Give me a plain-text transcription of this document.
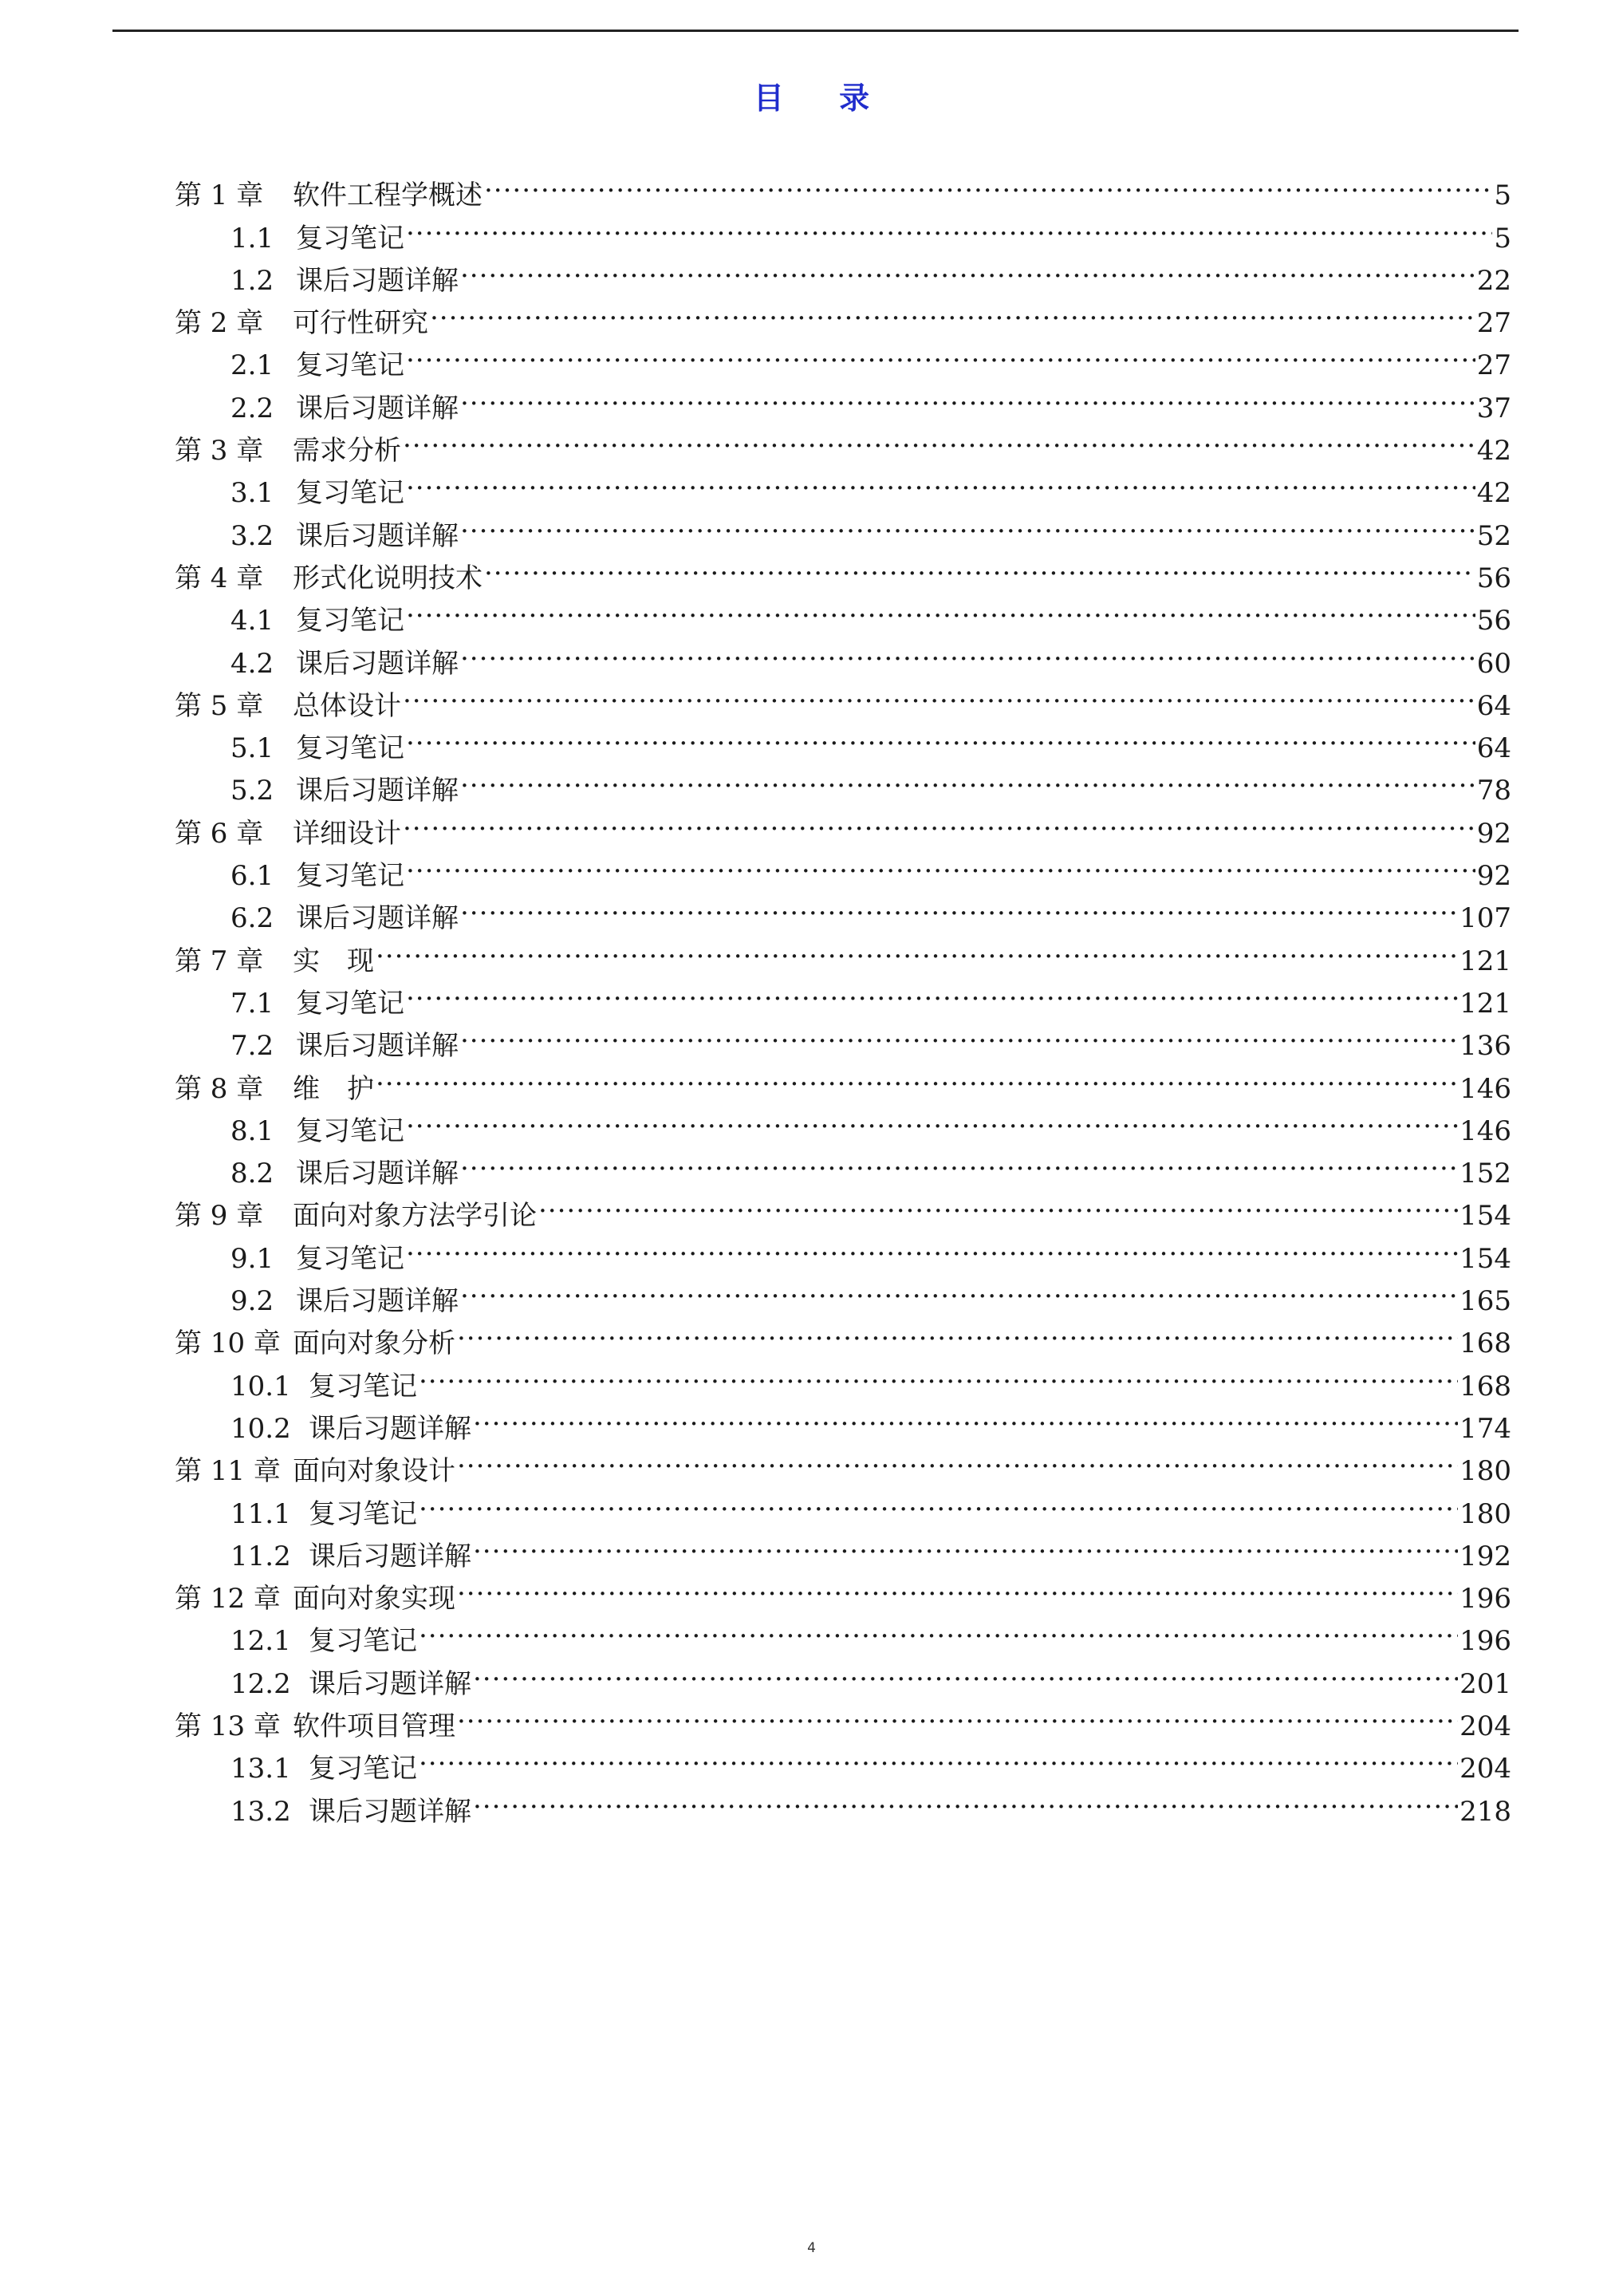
目 录
第 1 章	软件工程学概述 .....	5
1.1 复习笔记 .....	5
1.2 课后习题详解 .....	22
第 2 章	可行性研究 .....	27
2.1 复习笔记 .....	27
2.2 课后习题详解 .....	37
第 3 章	需求分析 .....	42
3.1 复习笔记 .....	42
3.2 课后习题详解 .....	52
第 4 章	形式化说明技术 .....	56
4.1 复习笔记 .....	56
4.2 课后习题详解 .....	60
第 5 章	总体设计 .....	64
5.1 复习笔记 .....	64
5.2 课后习题详解 .....	78
第 6 章	详细设计 .....	92
6.1 复习笔记 .....	92
6.2 课后习题详解 .....	107
第 7 章	实　现 .....	121
7.1 复习笔记 .....	121
7.2 课后习题详解 .....	136
第 8 章	维　护 .....	146
8.1 复习笔记 .....	146
8.2 课后习题详解 .....	152
第 9 章	面向对象方法学引论 .....	154
9.1 复习笔记 .....	154
9.2 课后习题详解 .....	165
第 10 章 面向对象分析 .....	168
10.1 复习笔记 .....	168
10.2 课后习题详解 .....	174
第 11 章 面向对象设计 .....	180
11.1 复习笔记 .....	180
11.2 课后习题详解 .....	192
第 12 章 面向对象实现 .....	196
12.1 复习笔记 .....	196
12.2 课后习题详解 .....	201
第 13 章 软件项目管理 .....	204
13.1 复习笔记 .....	204
13.2 课后习题详解 .....	218
4
